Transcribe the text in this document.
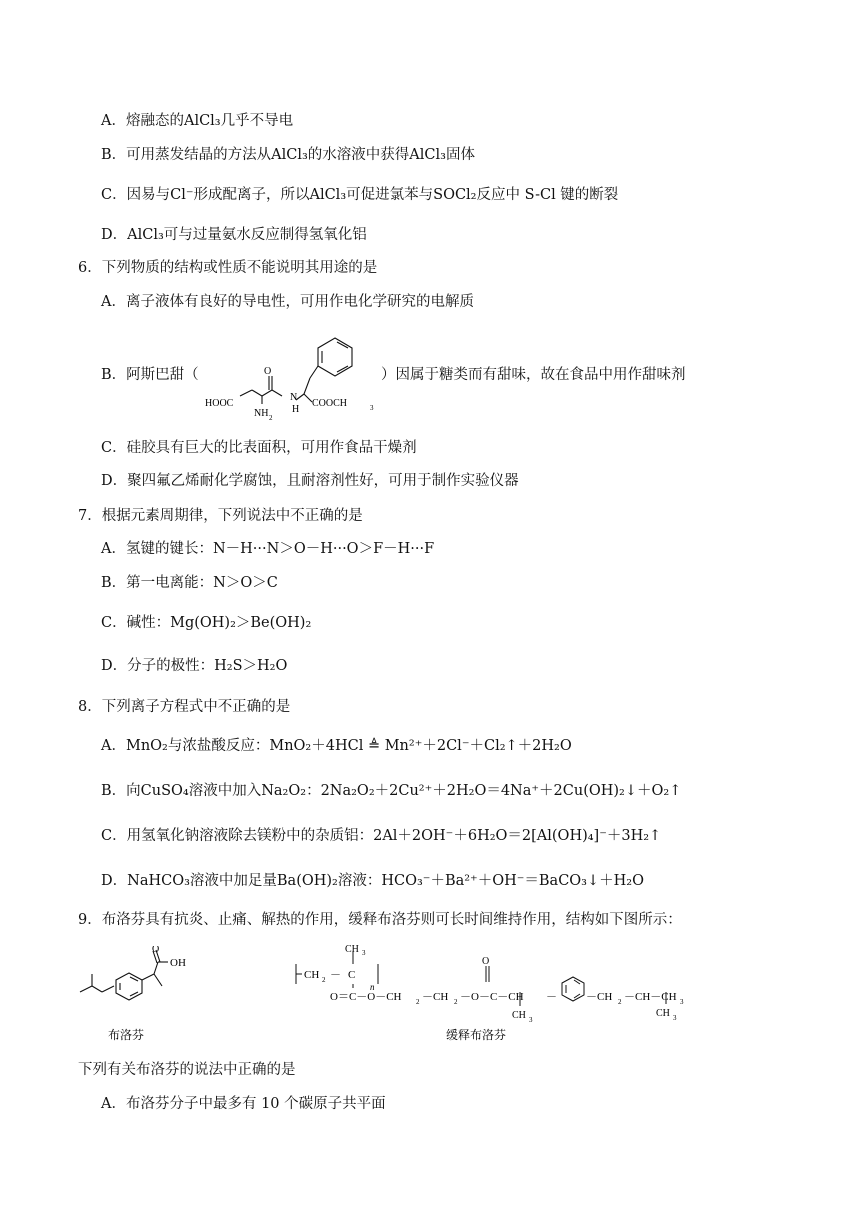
A．熔融态的AlCl₃几乎不导电
B．可用蒸发结晶的方法从AlCl₃的水溶液中获得AlCl₃固体
C．因易与Cl⁻形成配离子，所以AlCl₃可促进氯苯与SOCl₂反应中 S-Cl 键的断裂
D．AlCl₃可与过量氨水反应制得氢氧化铝
6．下列物质的结构或性质不能说明其用途的是
A．离子液体有良好的导电性，可用作电化学研究的电解质
B．阿斯巴甜（	O
N
H
HOOC
NH 2
COOCH	3
）因属于糖类而有甜味，故在食品中用作甜味剂
C．硅胶具有巨大的比表面积，可用作食品干燥剂
D．聚四氟乙烯耐化学腐蚀，且耐溶剂性好，可用于制作实验仪器
7．根据元素周期律，下列说法中不正确的是
A．氢键的键长：N－H···N＞O－H···O＞F－H···F
B．第一电离能：N＞O＞C
C．碱性：Mg(OH)₂＞Be(OH)₂
D．分子的极性：H₂S＞H₂O
8．下列离子方程式中不正确的是
A．MnO₂与浓盐酸反应：MnO₂＋4HCl ≜ Mn²⁺＋2Cl⁻＋Cl₂↑＋2H₂O
B．向CuSO₄溶液中加入Na₂O₂：2Na₂O₂＋2Cu²⁺＋2H₂O＝4Na⁺＋2Cu(OH)₂↓＋O₂↑
C．用氢氧化钠溶液除去镁粉中的杂质铝：2Al＋2OH⁻＋6H₂O＝2[Al(OH)₄]⁻＋3H₂↑
D．NaHCO₃溶液中加足量Ba(OH)₂溶液：HCO₃⁻＋Ba²⁺＋OH⁻＝BaCO₃↓＋H₂O
9．布洛芬具有抗炎、止痛、解热的作用，缓释布洛芬则可长时间维持作用，结构如下图所示：
O
OH
布洛芬
CH 3
CH 2 － C
n
O＝C－O－CH 2 －CH 2
O
－O－C－CH －
CH 3
－CH 2 －CH－CH 3
CH 3
缓释布洛芬
下列有关布洛芬的说法中正确的是
A．布洛芬分子中最多有 10 个碳原子共平面
